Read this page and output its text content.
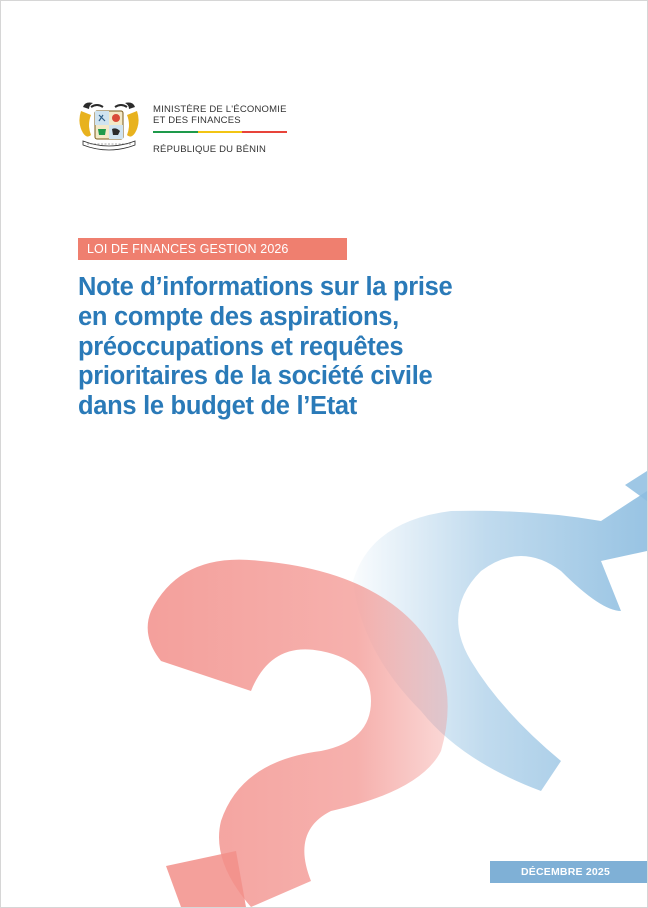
MINISTÈRE DE L'ÉCONOMIE
ET DES FINANCES
RÉPUBLIQUE DU BÉNIN
LOI DE FINANCES GESTION 2026
Note d’informations sur la prise
en compte des aspirations,
préoccupations et requêtes
prioritaires de la société civile
dans le budget de l’Etat
DÉCEMBRE 2025
